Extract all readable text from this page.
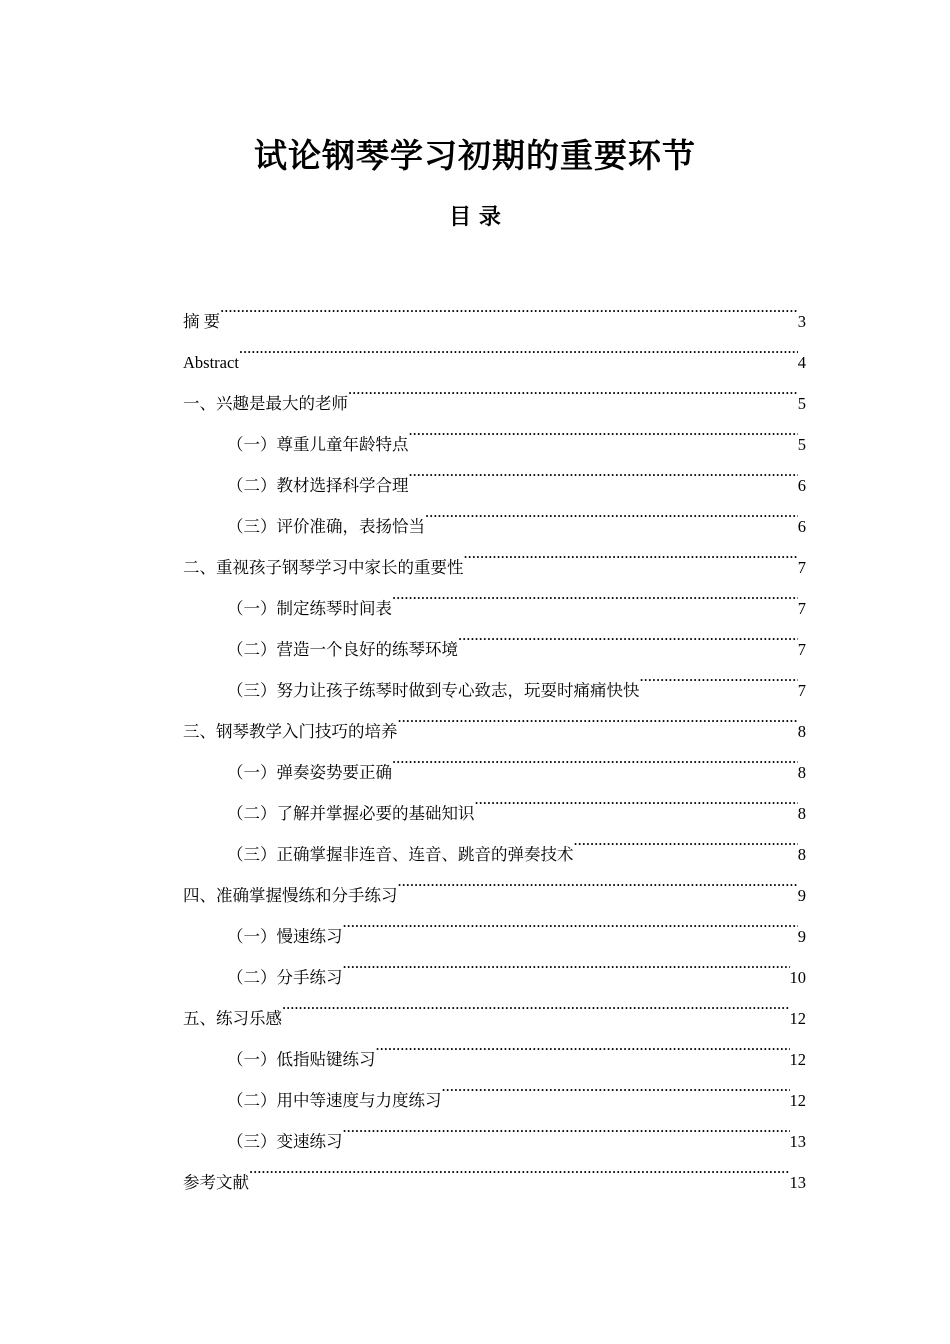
试论钢琴学习初期的重要环节
目 录
摘 要 .....	3
Abstract .....	4
一、兴趣是最大的老师 .....	5
（一）尊重儿童年龄特点 .....	5
（二）教材选择科学合理 .....	6
（三）评价准确，表扬恰当 .....	6
二、重视孩子钢琴学习中家长的重要性 .....	7
（一）制定练琴时间表 .....	7
（二）营造一个良好的练琴环境 .....	7
（三）努力让孩子练琴时做到专心致志，玩耍时痛痛快快 .....	7
三、钢琴教学入门技巧的培养 .....	8
（一）弹奏姿势要正确 .....	8
（二）了解并掌握必要的基础知识 .....	8
（三）正确掌握非连音、连音、跳音的弹奏技术 .....	8
四、准确掌握慢练和分手练习 .....	9
（一）慢速练习 .....	9
（二）分手练习 .....	10
五、练习乐感 .....	12
（一）低指贴键练习 .....	12
（二）用中等速度与力度练习 .....	12
（三）变速练习 .....	13
参考文献 .....	13
